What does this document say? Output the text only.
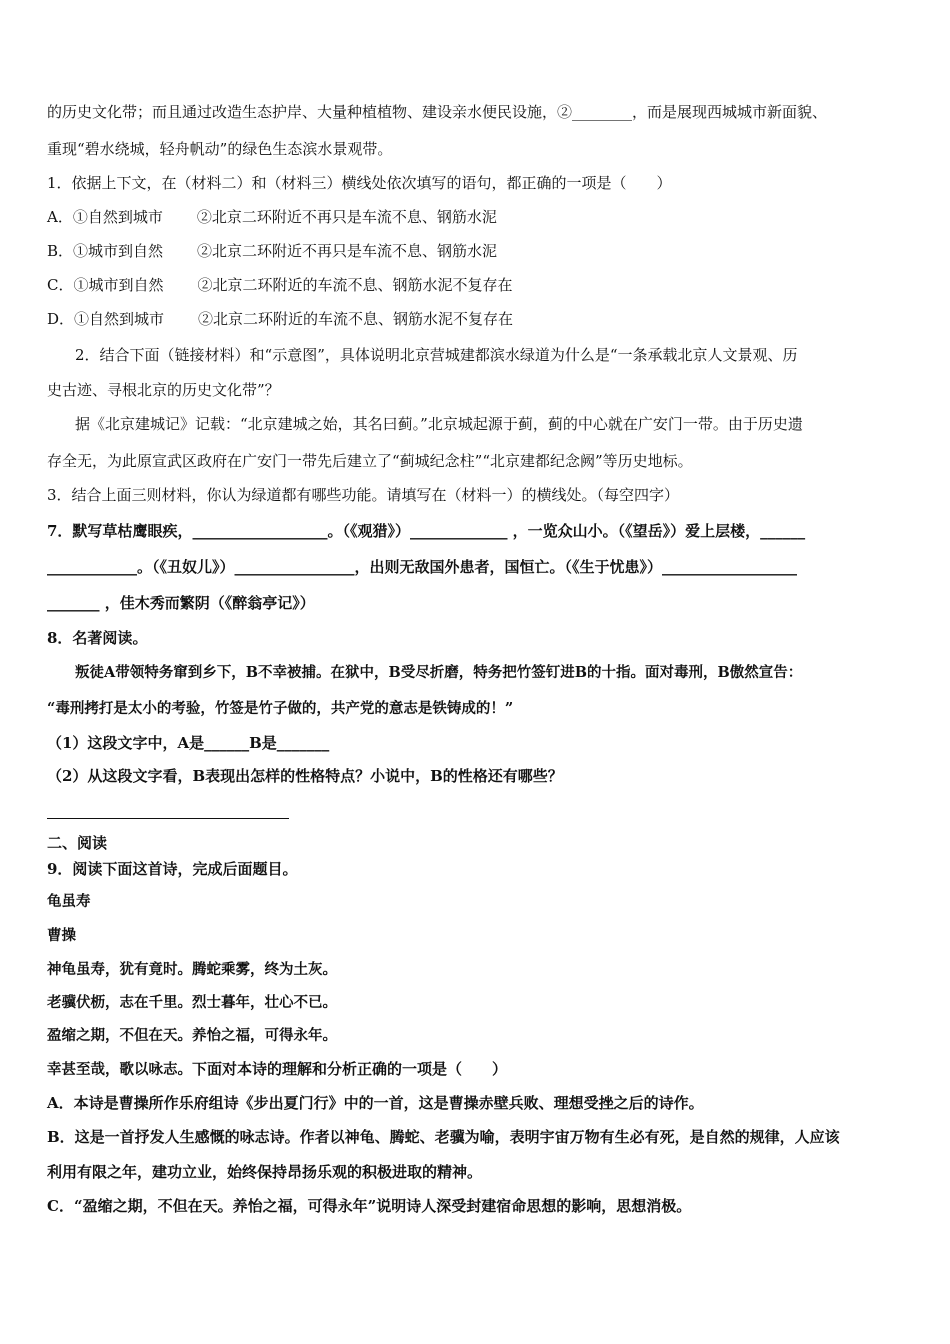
的历史文化带；而且通过改造生态护岸、大量种植植物、建设亲水便民设施，②________，而是展现西城城市新面貌、
重现“碧水绕城，轻舟帆动”的绿色生态滨水景观带。
1．依据上下文，在（材料二）和（材料三）横线处依次填写的语句，都正确的一项是（　　）
A．①自然到城市 ②北京二环附近不再只是车流不息、钢筋水泥
B．①城市到自然 ②北京二环附近不再只是车流不息、钢筋水泥
C．①城市到自然 ②北京二环附近的车流不息、钢筋水泥不复存在
D．①自然到城市 ②北京二环附近的车流不息、钢筋水泥不复存在
2．结合下面（链接材料）和“示意图”，具体说明北京营城建都滨水绿道为什么是“一条承载北京人文景观、历
史古迹、寻根北京的历史文化带”？
据《北京建城记》记载：“北京建城之始，其名曰蓟。”北京城起源于蓟，蓟的中心就在广安门一带。由于历史遗
存全无，为此原宣武区政府在广安门一带先后建立了“蓟城纪念柱”“北京建都纪念阙”等历史地标。
3．结合上面三则材料，你认为绿道都有哪些功能。请填写在（材料一）的横线处。（每空四字）
7．默写草枯鹰眼疾，__________________。（《观猎》）_____________ ，一览众山小。（《望岳》）爱上层楼，______
____________。（《丑奴儿》）________________，出则无敌国外患者，国恒亡。（《生于忧患》）__________________
_______ ，佳木秀而繁阴（《醉翁亭记》）
8．名著阅读。
叛徒A带领特务窜到乡下，B不幸被捕。在狱中，B受尽折磨，特务把竹签钉进B的十指。面对毒刑，B傲然宣告：
“毒刑拷打是太小的考验，竹签是竹子做的，共产党的意志是铁铸成的！”
（1）这段文字中，A是______B是_______
（2）从这段文字看，B表现出怎样的性格特点？小说中，B的性格还有哪些？
二、阅读
9．阅读下面这首诗，完成后面题目。
龟虽寿
曹操
神龟虽寿，犹有竟时。腾蛇乘雾，终为土灰。
老骥伏枥，志在千里。烈士暮年，壮心不已。
盈缩之期，不但在天。养怡之福，可得永年。
幸甚至哉，歌以咏志。下面对本诗的理解和分析正确的一项是（　　）
A．本诗是曹操所作乐府组诗《步出夏门行》中的一首，这是曹操赤壁兵败、理想受挫之后的诗作。
B．这是一首抒发人生感慨的咏志诗。作者以神龟、腾蛇、老骥为喻，表明宇宙万物有生必有死，是自然的规律，人应该
利用有限之年，建功立业，始终保持昂扬乐观的积极进取的精神。
C．“盈缩之期，不但在天。养怡之福，可得永年”说明诗人深受封建宿命思想的影响，思想消极。
